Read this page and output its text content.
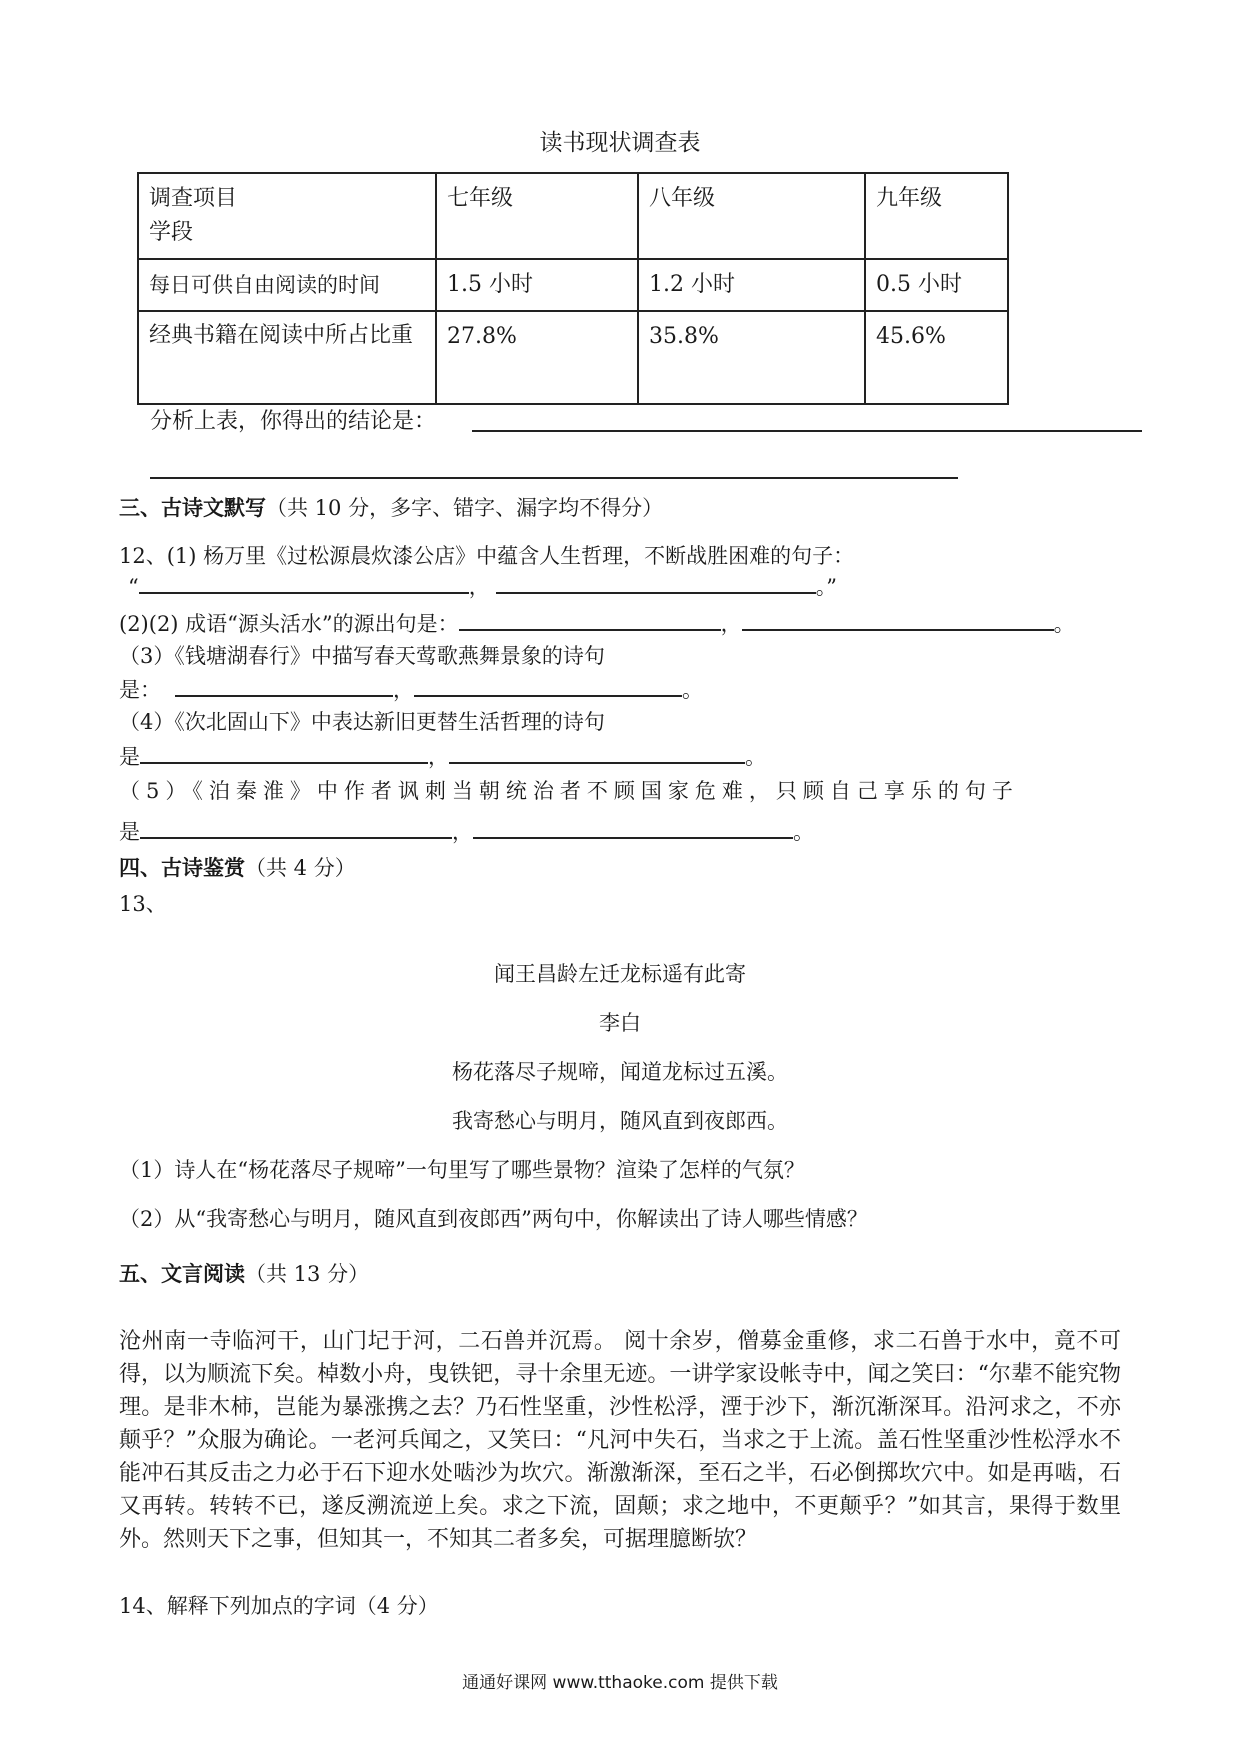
读书现状调查表
调查项目
学段	七年级	八年级	九年级
每日可供自由阅读的时间	1.5 小时	1.2 小时	0.5 小时
经典书籍在阅读中所占比重	27.8%	35.8%	45.6%
分析上表，你得出的结论是：
三、古诗文默写（共 10 分，多字、错字、漏字均不得分）
12、(1) 杨万里《过松源晨炊漆公店》中蕴含人生哲理，不断战胜困难的句子：
“	，	。”
(2)(2) 成语“源头活水”的源出句是：	，	。
（3）《钱塘湖春行》中描写春天莺歌燕舞景象的诗句
是：	，	。
（4）《次北固山下》中表达新旧更替生活哲理的诗句
是	，	。
（5）《泊秦淮》中作者讽刺当朝统治者不顾国家危难，只顾自己享乐的句子
是	，	。
四、古诗鉴赏（共 4 分）
13、
闻王昌龄左迁龙标遥有此寄
李白
杨花落尽子规啼，闻道龙标过五溪。
我寄愁心与明月，随风直到夜郎西。
（1）诗人在“杨花落尽子规啼”一句里写了哪些景物？渲染了怎样的气氛？
（2）从“我寄愁心与明月，随风直到夜郎西”两句中，你解读出了诗人哪些情感？
五、文言阅读（共 13 分）
沧州南一寺临河干，山门圮于河，二石兽并沉焉。 阅十余岁，僧募金重修，求二石兽于水中，竟不可得，以为顺流下矣。棹数小舟，曳铁钯，寻十余里无迹。一讲学家设帐寺中，闻之笑曰：“尔辈不能究物理。是非木柿，岂能为暴涨携之去？乃石性坚重，沙性松浮，湮于沙下，渐沉渐深耳。沿河求之，不亦颠乎？”众服为确论。一老河兵闻之，又笑曰：“凡河中失石，当求之于上流。盖石性坚重沙性松浮水不能冲石其反击之力必于石下迎水处啮沙为坎穴。渐激渐深，至石之半，石必倒掷坎穴中。如是再啮，石又再转。转转不已，遂反溯流逆上矣。求之下流，固颠；求之地中，不更颠乎？”如其言，果得于数里外。然则天下之事，但知其一，不知其二者多矣，可据理臆断欤？
14、解释下列加点的字词（4 分）
通通好课网 www.tthaoke.com 提供下载
